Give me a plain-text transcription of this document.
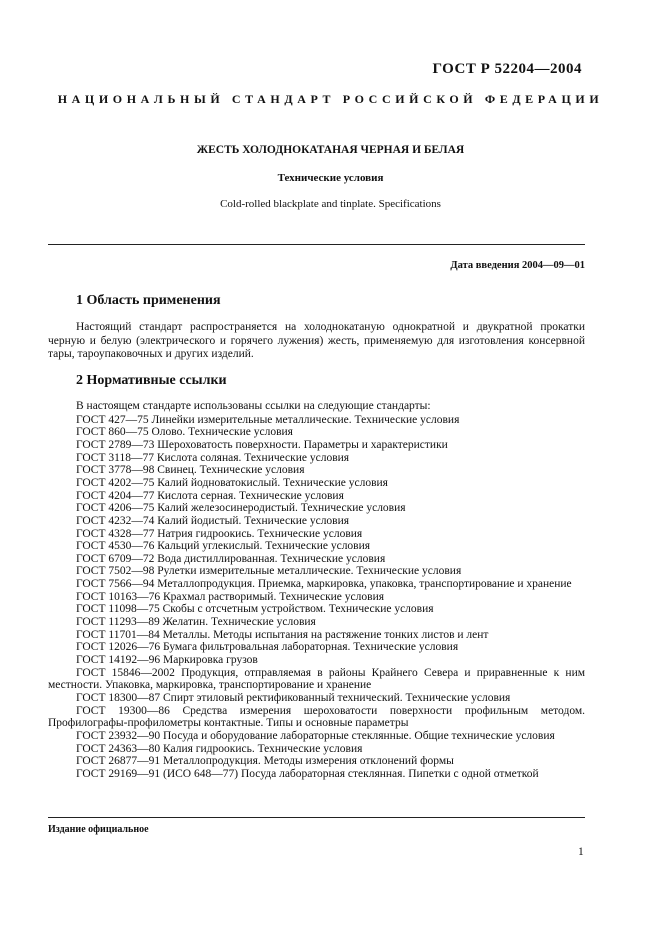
ГОСТ Р 52204—2004
НАЦИОНАЛЬНЫЙ СТАНДАРТ РОССИЙСКОЙ ФЕДЕРАЦИИ
ЖЕСТЬ ХОЛОДНОКАТАНАЯ ЧЕРНАЯ И БЕЛАЯ
Технические условия
Cold-rolled blackplate and tinplate. Specifications
Дата введения 2004—09—01
1 Область применения
Настоящий стандарт распространяется на холоднокатаную однократной и двукратной прокатки черную и белую (электрического и горячего лужения) жесть, применяемую для изготовления консервной тары, тароупаковочных и других изделий.
2 Нормативные ссылки
В настоящем стандарте использованы ссылки на следующие стандарты:
ГОСТ 427—75 Линейки измерительные металлические. Технические условия
ГОСТ 860—75 Олово. Технические условия
ГОСТ 2789—73 Шероховатость поверхности. Параметры и характеристики
ГОСТ 3118—77 Кислота соляная. Технические условия
ГОСТ 3778—98 Свинец. Технические условия
ГОСТ 4202—75 Калий йодноватокислый. Технические условия
ГОСТ 4204—77 Кислота серная. Технические условия
ГОСТ 4206—75 Калий железосинеродистый. Технические условия
ГОСТ 4232—74 Калий йодистый. Технические условия
ГОСТ 4328—77 Натрия гидроокись. Технические условия
ГОСТ 4530—76 Кальций углекислый. Технические условия
ГОСТ 6709—72 Вода дистиллированная. Технические условия
ГОСТ 7502—98 Рулетки измерительные металлические. Технические условия
ГОСТ 7566—94 Металлопродукция. Приемка, маркировка, упаковка, транспортирование и хранение
ГОСТ 10163—76 Крахмал растворимый. Технические условия
ГОСТ 11098—75 Скобы с отсчетным устройством. Технические условия
ГОСТ 11293—89 Желатин. Технические условия
ГОСТ 11701—84 Металлы. Методы испытания на растяжение тонких листов и лент
ГОСТ 12026—76 Бумага фильтровальная лабораторная. Технические условия
ГОСТ 14192—96 Маркировка грузов
ГОСТ 15846—2002 Продукция, отправляемая в районы Крайнего Севера и приравненные к ним местности. Упаковка, маркировка, транспортирование и хранение
ГОСТ 18300—87 Спирт этиловый ректификованный технический. Технические условия
ГОСТ 19300—86 Средства измерения шероховатости поверхности профильным методом. Профилографы-профилометры контактные. Типы и основные параметры
ГОСТ 23932—90 Посуда и оборудование лабораторные стеклянные. Общие технические условия
ГОСТ 24363—80 Калия гидроокись. Технические условия
ГОСТ 26877—91 Металлопродукция. Методы измерения отклонений формы
ГОСТ 29169—91 (ИСО 648—77) Посуда лабораторная стеклянная. Пипетки с одной отметкой
Издание официальное
1
